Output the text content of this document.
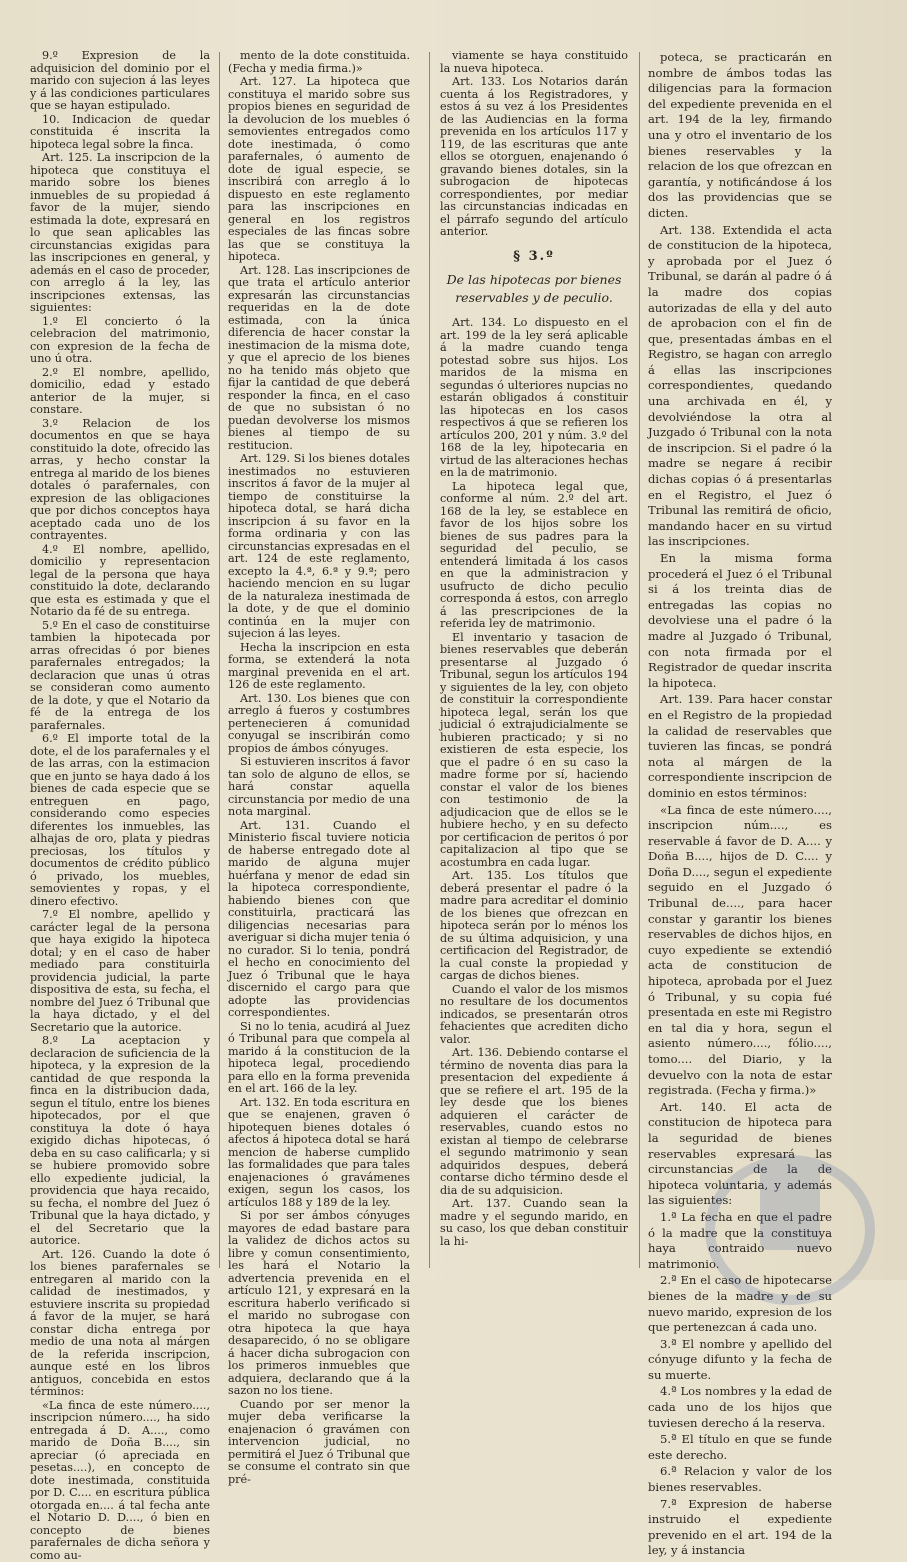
9.º Expresion de la adquisicion del dominio por el marido con sujecion á las leyes y á las condiciones particulares que se hayan estipulado.

10. Indicacion de quedar constituida é inscrita la hipoteca legal sobre la finca.

Art. 125. La inscripcion de la hipoteca que constituya el marido sobre los bienes inmuebles de su propiedad á favor de la mujer, siendo estimada la dote, expresará en lo que sean aplicables las circunstancias exigidas para las inscripciones en general, y además en el caso de proceder, con arreglo á la ley, las inscripciones extensas, las siguientes:

1.º El concierto ó la celebracion del matrimonio, con expresion de la fecha de uno ú otra.

2.º El nombre, apellido, domicilio, edad y estado anterior de la mujer, si constare.

3.º Relacion de los documentos en que se haya constituido la dote, ofrecido las arras, y hecho constar la entrega al marido de los bienes dotales ó parafernales, con expresion de las obligaciones que por dichos conceptos haya aceptado cada uno de los contrayentes.

4.º El nombre, apellido, domicilio y representacion legal de la persona que haya constituido la dote, declarando que esta es estimada y que el Notario da fé de su entrega.

5.º En el caso de constituirse tambien la hipotecada por arras ofrecidas ó por bienes parafernales entregados; la declaracion que unas ú otras se consideran como aumento de la dote, y que el Notario da fé de la entrega de los parafernales.

6.º El importe total de la dote, el de los parafernales y el de las arras, con la estimacion que en junto se haya dado á los bienes de cada especie que se entreguen en pago, considerando como especies diferentes los inmuebles, las alhajas de oro, plata y piedras preciosas, los títulos y documentos de crédito público ó privado, los muebles, semovientes y ropas, y el dinero efectivo.

7.º El nombre, apellido y carácter legal de la persona que haya exigido la hipoteca dotal; y en el caso de haber mediado para constituirla providencia judicial, la parte dispositiva de esta, su fecha, el nombre del Juez ó Tribunal que la haya dictado, y el del Secretario que la autorice.

8.º La aceptacion y declaracion de suficiencia de la hipoteca, y la expresion de la cantidad de que responda la finca en la distribucion dada, segun el título, entre los bienes hipotecados, por el que constituya la dote ó haya exigido dichas hipotecas, ó deba en su caso calificarla; y si se hubiere promovido sobre ello expediente judicial, la providencia que haya recaido, su fecha, el nombre del Juez ó Tribunal que la haya dictado, y el del Secretario que la autorice.

Art. 126. Cuando la dote ó los bienes parafernales se entregaren al marido con la calidad de inestimados, y estuviere inscrita su propiedad á favor de la mujer, se hará constar dicha entrega por medio de una nota al márgen de la referida inscripcion, aunque esté en los libros antiguos, concebida en estos términos:

«La finca de este número...., inscripcion número...., ha sido entregada á D. A...., como marido de Doña B...., sin apreciar (ó apreciada en pesetas....), en concepto de dote inestimada, constituida por D. C.... en escritura pública otorgada en.... á tal fecha ante el Notario D. D...., ó bien en concepto de bienes parafernales de dicha señora y como au-

mento de la dote constituida. (Fecha y media firma.)»

Art. 127. La hipoteca que constituya el marido sobre sus propios bienes en seguridad de la devolucion de los muebles ó semovientes entregados como dote inestimada, ó como parafernales, ó aumento de dote de igual especie, se inscribirá con arreglo á lo dispuesto en este reglamento para las inscripciones en general en los registros especiales de las fincas sobre las que se constituya la hipoteca.

Art. 128. Las inscripciones de que trata el artículo anterior expresarán las circunstancias requeridas en la de dote estimada, con la única diferencia de hacer constar la inestimacion de la misma dote, y que el aprecio de los bienes no ha tenido más objeto que fijar la cantidad de que deberá responder la finca, en el caso de que no subsistan ó no puedan devolverse los mismos bienes al tiempo de su restitucion.

Art. 129. Si los bienes dotales inestimados no estuvieren inscritos á favor de la mujer al tiempo de constituirse la hipoteca dotal, se hará dicha inscripcion á su favor en la forma ordinaria y con las circunstancias expresadas en el art. 124 de este reglamento, excepto la 4.ª, 6.ª y 9.ª; pero haciendo mencion en su lugar de la naturaleza inestimada de la dote, y de que el dominio continúa en la mujer con sujecion á las leyes.

Hecha la inscripcion en esta forma, se extenderá la nota marginal prevenida en el art. 126 de este reglamento.

Art. 130. Los bienes que con arreglo á fueros y costumbres pertenecieren á comunidad conyugal se inscribirán como propios de ámbos cónyuges.

Si estuvieren inscritos á favor tan solo de alguno de ellos, se hará constar aquella circunstancia por medio de una nota marginal.

Art. 131. Cuando el Ministerio fiscal tuviere noticia de haberse entregado dote al marido de alguna mujer huérfana y menor de edad sin la hipoteca correspondiente, habiendo bienes con que constituirla, practicará las diligencias necesarias para averiguar si dicha mujer tenia ó no curador. Si lo tenia, pondrá el hecho en conocimiento del Juez ó Tribunal que le haya discernido el cargo para que adopte las providencias correspondientes.

Si no lo tenia, acudirá al Juez ó Tribunal para que compela al marido á la constitucion de la hipoteca legal, procediendo para ello en la forma prevenida en el art. 166 de la ley.

Art. 132. En toda escritura en que se enajenen, graven ó hipotequen bienes dotales ó afectos á hipoteca dotal se hará mencion de haberse cumplido las formalidades que para tales enajenaciones ó gravámenes exigen, segun los casos, los artículos 188 y 189 de la ley.

Si por ser ámbos cónyuges mayores de edad bastare para la validez de dichos actos su libre y comun consentimiento, les hará el Notario la advertencia prevenida en el artículo 121, y expresará en la escritura haberlo verificado si el marido no subrogase con otra hipoteca la que haya desaparecido, ó no se obligare á hacer dicha subrogacion con los primeros inmuebles que adquiera, declarando que á la sazon no los tiene.

Cuando por ser menor la mujer deba verificarse la enajenacion ó gravámen con intervencion judicial, no permitirá el Juez ó Tribunal que se consume el contrato sin que pré-

viamente se haya constituido la nueva hipoteca.

Art. 133. Los Notarios darán cuenta á los Registradores, y estos á su vez á los Presidentes de las Audiencias en la forma prevenida en los artículos 117 y 119, de las escrituras que ante ellos se otorguen, enajenando ó gravando bienes dotales, sin la subrogacion de hipotecas correspondientes, por mediar las circunstancias indicadas en el párrafo segundo del artículo anterior.

§ 3.º
De las hipotecas por bienes reservables y de peculio.

Art. 134. Lo dispuesto en el art. 199 de la ley será aplicable á la madre cuando tenga potestad sobre sus hijos. Los maridos de la misma en segundas ó ulteriores nupcias no estarán obligados á constituir las hipotecas en los casos respectivos á que se refieren los artículos 200, 201 y núm. 3.º del 168 de la ley, hipotecaria en virtud de las alteraciones hechas en la de matrimonio.

La hipoteca legal que, conforme al núm. 2.º del art. 168 de la ley, se establece en favor de los hijos sobre los bienes de sus padres para la seguridad del peculio, se entenderá limitada á los casos en que la administracion y usufructo de dicho peculio corresponda á estos, con arreglo á las prescripciones de la referida ley de matrimonio.

El inventario y tasacion de bienes reservables que deberán presentarse al Juzgado ó Tribunal, segun los artículos 194 y siguientes de la ley, con objeto de constituir la correspondiente hipoteca legal, serán los que judicial ó extrajudicialmente se hubieren practicado; y si no existieren de esta especie, los que el padre ó en su caso la madre forme por sí, haciendo constar el valor de los bienes con testimonio de la adjudicacion que de ellos se le hubiere hecho, y en su defecto por certificacion de peritos ó por capitalizacion al tipo que se acostumbra en cada lugar.

Art. 135. Los títulos que deberá presentar el padre ó la madre para acreditar el dominio de los bienes que ofrezcan en hipoteca serán por lo ménos los de su última adquisicion, y una certificacion del Registrador, de la cual conste la propiedad y cargas de dichos bienes.

Cuando el valor de los mismos no resultare de los documentos indicados, se presentarán otros fehacientes que acrediten dicho valor.

Art. 136. Debiendo contarse el término de noventa dias para la presentacion del expediente á que se refiere el art. 195 de la ley desde que los bienes adquieren el carácter de reservables, cuando estos no existan al tiempo de celebrarse el segundo matrimonio y sean adquiridos despues, deberá contarse dicho término desde el dia de su adquisicion.

Art. 137. Cuando sean la madre y el segundo marido, en su caso, los que deban constituir la hi-

poteca, se practicarán en nombre de ámbos todas las diligencias para la formacion del expediente prevenida en el art. 194 de la ley, firmando una y otro el inventario de los bienes reservables y la relacion de los que ofrezcan en garantía, y notificándose á los dos las providencias que se dicten.

Art. 138. Extendida el acta de constitucion de la hipoteca, y aprobada por el Juez ó Tribunal, se darán al padre ó á la madre dos copias autorizadas de ella y del auto de aprobacion con el fin de que, presentadas ámbas en el Registro, se hagan con arreglo á ellas las inscripciones correspondientes, quedando una archivada en él, y devolviéndose la otra al Juzgado ó Tribunal con la nota de inscripcion. Si el padre ó la madre se negare á recibir dichas copias ó á presentarlas en el Registro, el Juez ó Tribunal las remitirá de oficio, mandando hacer en su virtud las inscripciones.

En la misma forma procederá el Juez ó el Tribunal si á los treinta dias de entregadas las copias no devolviese una el padre ó la madre al Juzgado ó Tribunal, con nota firmada por el Registrador de quedar inscrita la hipoteca.

Art. 139. Para hacer constar en el Registro de la propiedad la calidad de reservables que tuvieren las fincas, se pondrá nota al márgen de la correspondiente inscripcion de dominio en estos términos:

«La finca de este número...., inscripcion núm...., es reservable á favor de D. A.... y Doña B...., hijos de D. C.... y Doña D...., segun el expediente seguido en el Juzgado ó Tribunal de...., para hacer constar y garantir los bienes reservables de dichos hijos, en cuyo expediente se extendió acta de constitucion de hipoteca, aprobada por el Juez ó Tribunal, y su copia fué presentada en este mi Registro en tal dia y hora, segun el asiento número...., fólio...., tomo.... del Diario, y la devuelvo con la nota de estar registrada. (Fecha y firma.)»

Art. 140. El acta de constitucion de hipoteca para la seguridad de bienes reservables expresará las circunstancias de la de hipoteca voluntaria, y además las siguientes:

1.ª La fecha en que el padre ó la madre que la constituya haya contraido nuevo matrimonio.

2.ª En el caso de hipotecarse bienes de la madre y de su nuevo marido, expresion de los que pertenezcan á cada uno.

3.ª El nombre y apellido del cónyuge difunto y la fecha de su muerte.

4.ª Los nombres y la edad de cada uno de los hijos que tuviesen derecho á la reserva.

5.ª El título en que se funde este derecho.

6.ª Relacion y valor de los bienes reservables.

7.ª Expresion de haberse instruido el expediente prevenido en el art. 194 de la ley, y á instancia
